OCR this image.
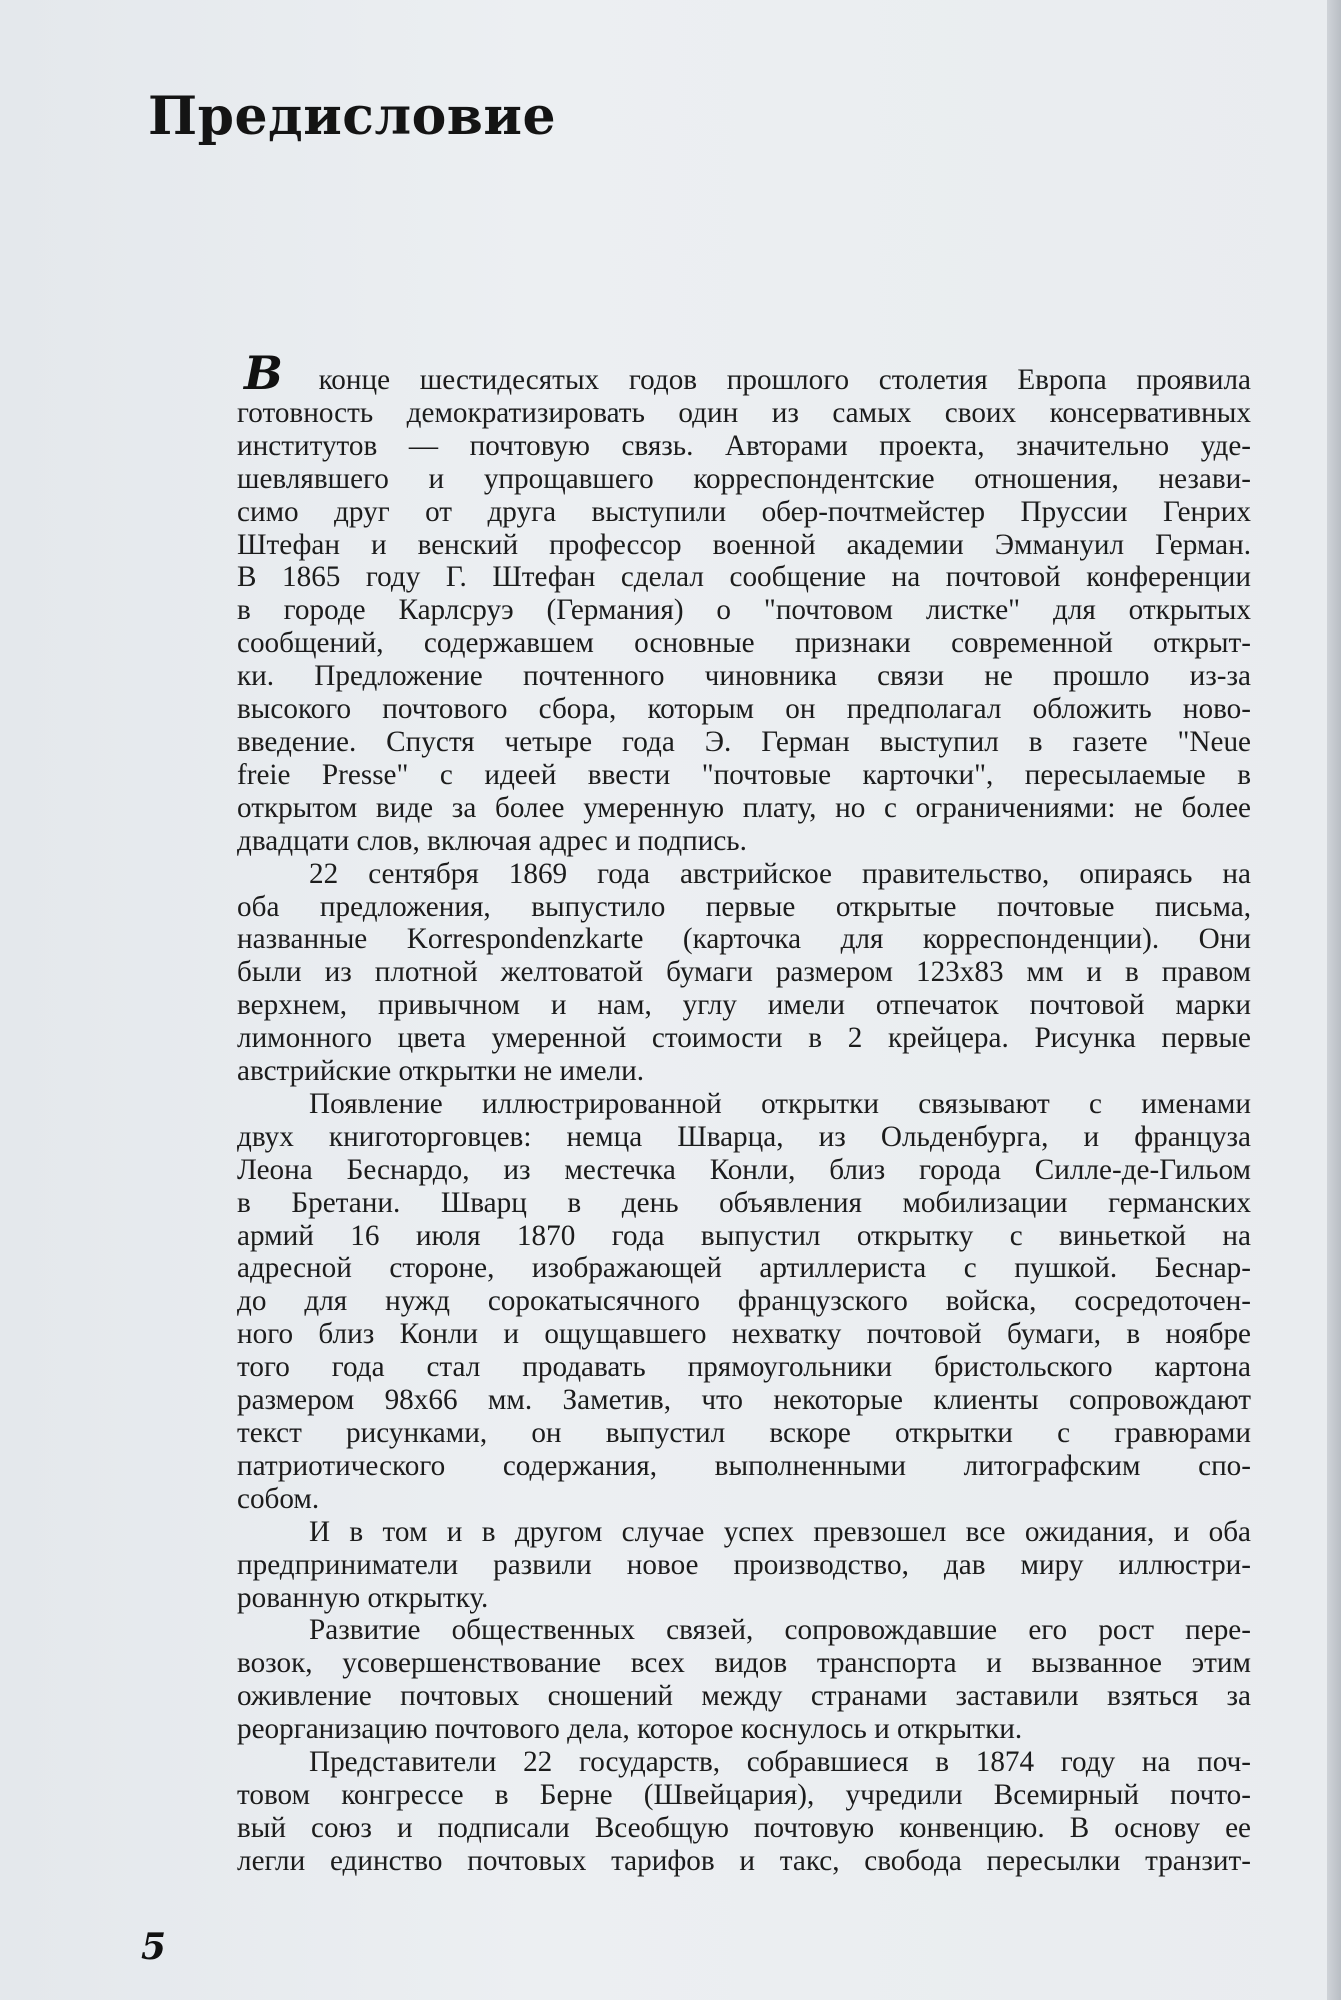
Предисловие
В конце шестидесятых годов прошлого столетия Европа проявила
готовность демократизировать один из самых своих консервативных
институтов — почтовую связь. Авторами проекта, значительно уде-
шевлявшего и упрощавшего корреспондентские отношения, незави-
симо друг от друга выступили обер-почтмейстер Пруссии Генрих
Штефан и венский профессор военной академии Эммануил Герман.
В 1865 году Г. Штефан сделал сообщение на почтовой конференции
в городе Карлсруэ (Германия) о "почтовом листке" для открытых
сообщений, содержавшем основные признаки современной открыт-
ки. Предложение почтенного чиновника связи не прошло из-за
высокого почтового сбора, которым он предполагал обложить ново-
введение. Спустя четыре года Э. Герман выступил в газете "Neue
freie Presse" с идеей ввести "почтовые карточки", пересылаемые в
открытом виде за более умеренную плату, но с ограничениями: не более
двадцати слов, включая адрес и подпись.
22 сентября 1869 года австрийское правительство, опираясь на
оба предложения, выпустило первые открытые почтовые письма,
названные Korrespondenzkarte (карточка для корреспонденции). Они
были из плотной желтоватой бумаги размером 123х83 мм и в правом
верхнем, привычном и нам, углу имели отпечаток почтовой марки
лимонного цвета умеренной стоимости в 2 крейцера. Рисунка первые
австрийские открытки не имели.
Появление иллюстрированной открытки связывают с именами
двух книготорговцев: немца Шварца, из Ольденбурга, и француза
Леона Беснардо, из местечка Конли, близ города Силле-де-Гильом
в Бретани. Шварц в день объявления мобилизации германских
армий 16 июля 1870 года выпустил открытку с виньеткой на
адресной стороне, изображающей артиллериста с пушкой. Беснар-
до для нужд сорокатысячного французского войска, сосредоточен-
ного близ Конли и ощущавшего нехватку почтовой бумаги, в ноябре
того года стал продавать прямоугольники бристольского картона
размером 98х66 мм. Заметив, что некоторые клиенты сопровождают
текст рисунками, он выпустил вскоре открытки с гравюрами
патриотического содержания, выполненными литографским спо-
собом.
И в том и в другом случае успех превзошел все ожидания, и оба
предприниматели развили новое производство, дав миру иллюстри-
рованную открытку.
Развитие общественных связей, сопровождавшие его рост пере-
возок, усовершенствование всех видов транспорта и вызванное этим
оживление почтовых сношений между странами заставили взяться за
реорганизацию почтового дела, которое коснулось и открытки.
Представители 22 государств, собравшиеся в 1874 году на поч-
товом конгрессе в Берне (Швейцария), учредили Всемирный почто-
вый союз и подписали Всеобщую почтовую конвенцию. В основу ее
легли единство почтовых тарифов и такс, свобода пересылки транзит-
5
